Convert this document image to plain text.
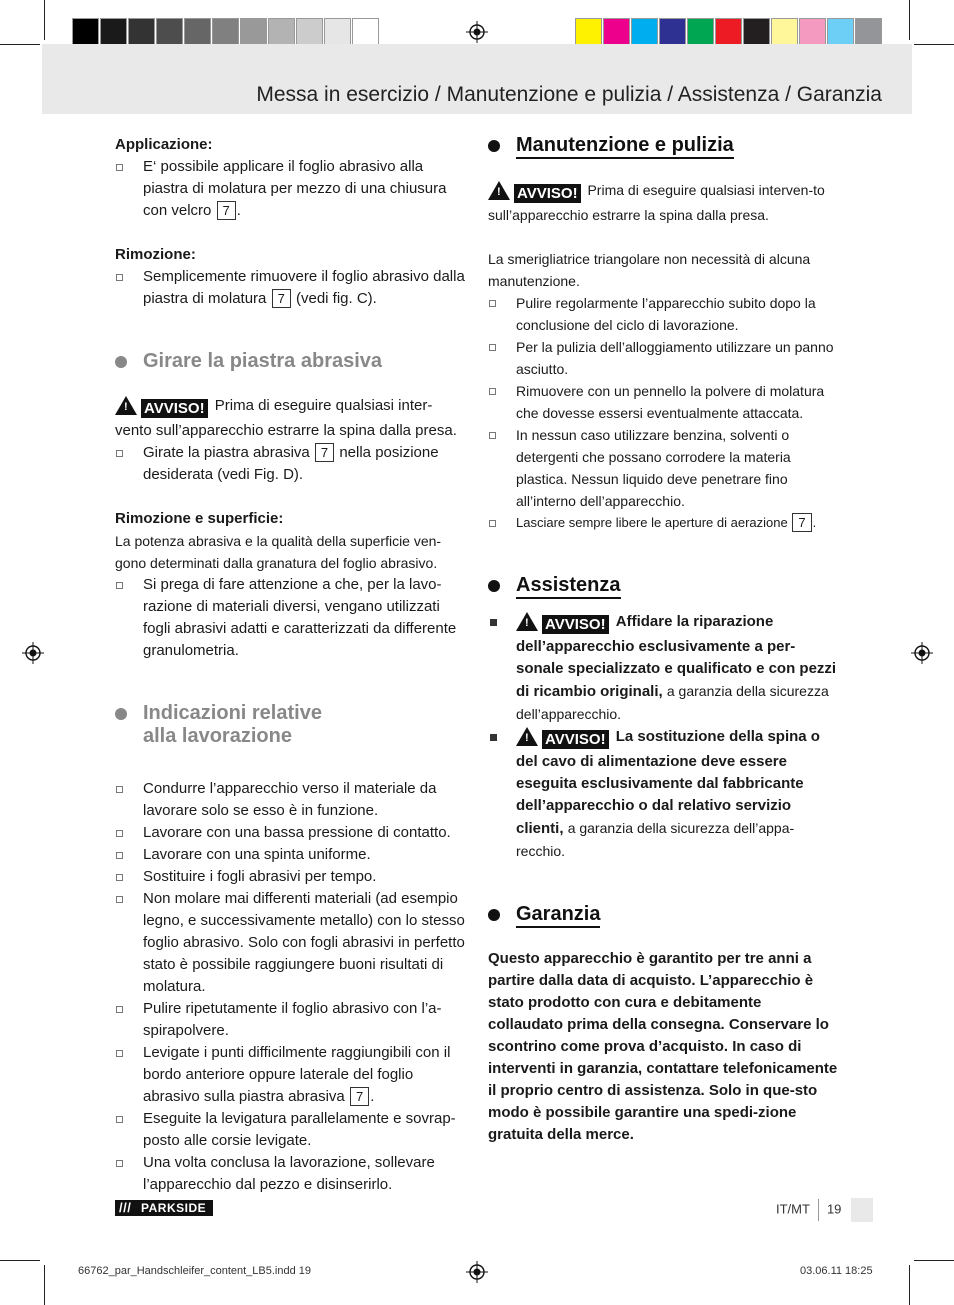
Messa in esercizio / Manutenzione e pulizia / Assistenza / Garanzia

Applicazione:

E‘ possibile applicare il foglio abrasivo alla piastra di molatura per mezzo di una chiusura con velcro 7 .

Rimozione:

Semplicemente rimuovere il foglio abrasivo dalla piastra di molatura 7 (vedi fig. C).
Girare la piastra abrasiva

! AVVISO! Prima di eseguire qualsiasi inter-vento sull’apparecchio estrarre la spina dalla presa.

Girate la piastra abrasiva 7 nella posizione desiderata (vedi Fig. D).

Rimozione e superficie:

La potenza abrasiva e la qualità della superficie ven-gono determinati dalla granatura del foglio abrasivo.

Si prega di fare attenzione a che, per la lavo-razione di materiali diversi, vengano utilizzati fogli abrasivi adatti e caratterizzati da differente granulometria.
Indicazioni relative
alla lavorazione
Condurre l’apparecchio verso il materiale da lavorare solo se esso è in funzione.
Lavorare con una bassa pressione di contatto.
Lavorare con una spinta uniforme.
Sostituire i fogli abrasivi per tempo.
Non molare mai differenti materiali (ad esempio legno, e successivamente metallo) con lo stesso foglio abrasivo. Solo con fogli abrasivi in perfetto stato è possibile raggiungere buoni risultati di molatura.
Pulire ripetutamente il foglio abrasivo con l’a-spirapolvere.
Levigate i punti difficilmente raggiungibili con il bordo anteriore oppure laterale del foglio abrasivo sulla piastra abrasiva 7 .
Eseguite la levigatura parallelamente e sovrap-posto alle corsie levigate.
Una volta conclusa la lavorazione, sollevare l’apparecchio dal pezzo e disinserirlo.
Manutenzione e pulizia

! AVVISO! Prima di eseguire qualsiasi interven-to sull’apparecchio estrarre la spina dalla presa.

La smerigliatrice triangolare non necessità di alcuna manutenzione.

Pulire regolarmente l’apparecchio subito dopo la conclusione del ciclo di lavorazione.
Per la pulizia dell’alloggiamento utilizzare un panno asciutto.
Rimuovere con un pennello la polvere di molatura che dovesse essersi eventualmente attaccata.
In nessun caso utilizzare benzina, solventi o detergenti che possano corrodere la materia plastica. Nessun liquido deve penetrare fino all’interno dell’apparecchio.
Lasciare sempre libere le aperture di aerazione 7 .
Assistenza
! AVVISO! Affidare la riparazione dell’apparecchio esclusivamente a per-sonale specializzato e qualificato e con pezzi di ricambio originali, a garanzia della sicurezza dell’apparecchio.
! AVVISO! La sostituzione della spina o del cavo di alimentazione deve essere eseguita esclusivamente dal fabbricante dell’apparecchio o dal relativo servizio clienti, a garanzia della sicurezza dell’appa-recchio.
Garanzia

Questo apparecchio è garantito per tre anni a partire dalla data di acquisto. L’apparecchio è stato prodotto con cura e debitamente collaudato prima della consegna. Conservare lo scontrino come prova d’acquisto. In caso di interventi in garanzia, contattare telefonicamente il proprio centro di assistenza. Solo in que-sto modo è possibile garantire una spedi-zione gratuita della merce.

/// PARKSIDE	IT/MT 19
66762_par_Handschleifer_content_LB5.indd 19	03.06.11 18:25
